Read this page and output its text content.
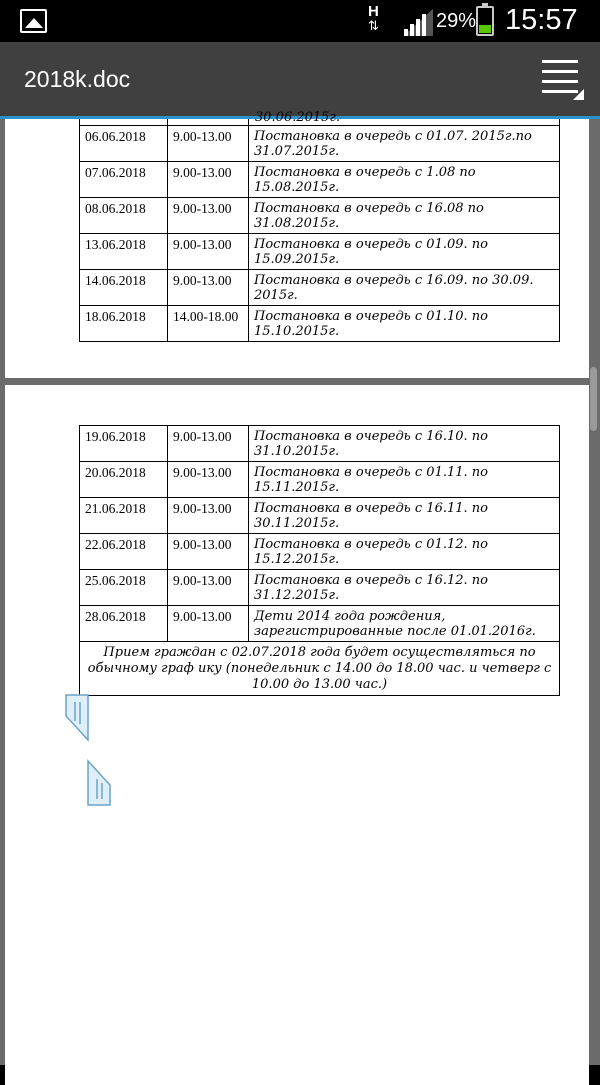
H
⇅	29% 15:57
2018k.doc
30.06.2015г.
06.06.2018	9.00-13.00	Постановка в очередь с 01.07. 2015г.по 31.07.2015г.
07.06.2018	9.00-13.00	Постановка в очередь с 1.08 по 15.08.2015г.
08.06.2018	9.00-13.00	Постановка в очередь с 16.08 по 31.08.2015г.
13.06.2018	9.00-13.00	Постановка в очередь с 01.09. по 15.09.2015г.
14.06.2018	9.00-13.00	Постановка в очередь с 16.09. по 30.09. 2015г.
18.06.2018	14.00-18.00	Постановка в очередь с 01.10. по 15.10.2015г.
19.06.2018	9.00-13.00	Постановка в очередь с 16.10. по 31.10.2015г.
20.06.2018	9.00-13.00	Постановка в очередь с 01.11. по 15.11.2015г.
21.06.2018	9.00-13.00	Постановка в очередь с 16.11. по 30.11.2015г.
22.06.2018	9.00-13.00	Постановка в очередь с 01.12. по 15.12.2015г.
25.06.2018	9.00-13.00	Постановка в очередь с 16.12. по 31.12.2015г.
28.06.2018	9.00-13.00	Дети 2014 года рождения, зарегистрированные после 01.01.2016г.
Прием граждан с 02.07.2018 года будет осуществляться по обычному граф ику (понедельник с 14.00 до 18.00 час. и четверг с 10.00 до 13.00 час.)		
